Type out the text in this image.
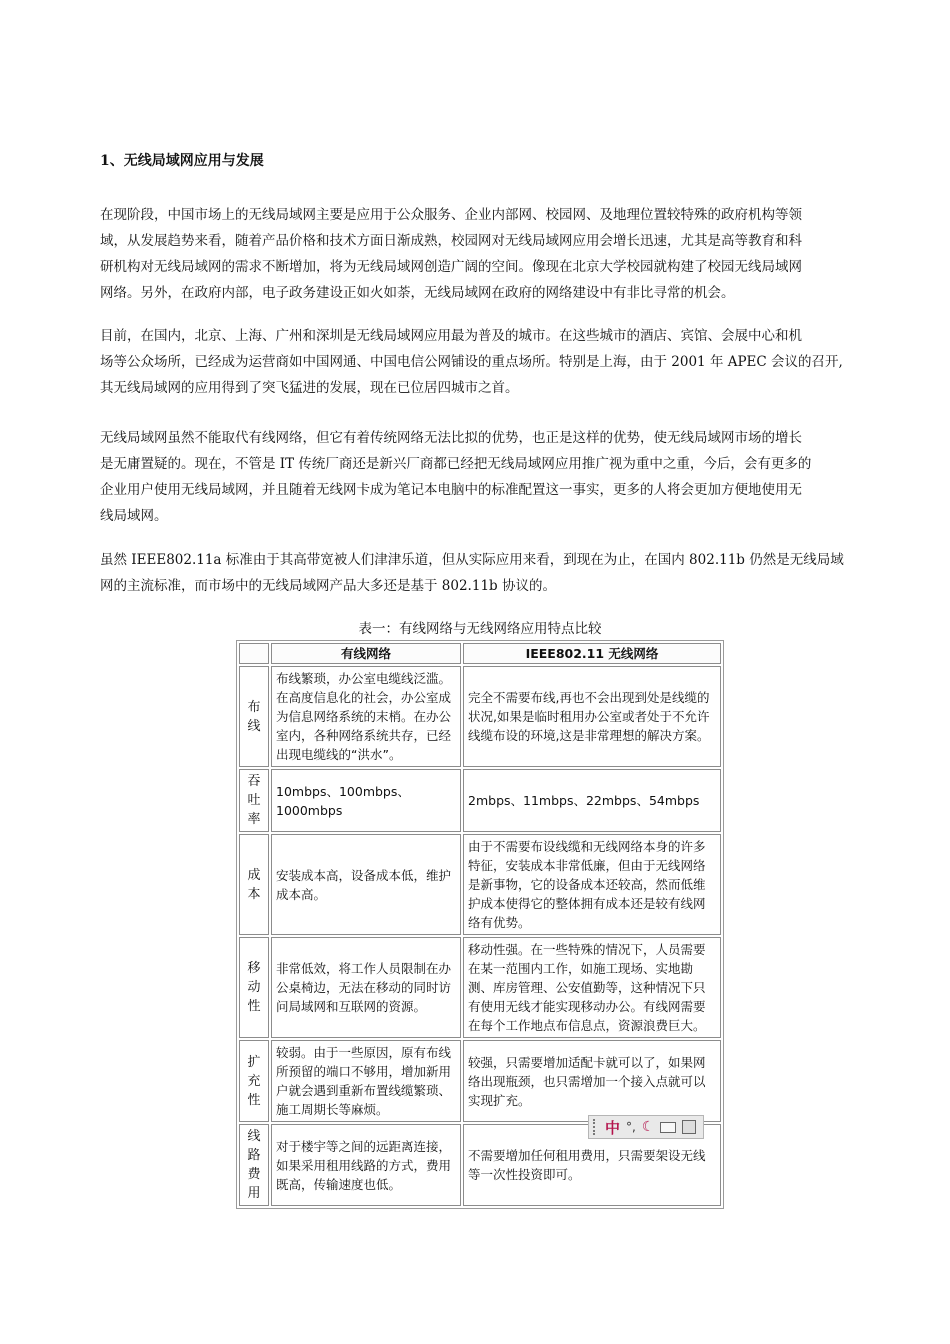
1、无线局域网应用与发展
在现阶段，中国市场上的无线局域网主要是应用于公众服务、企业内部网、校园网、及地理位置较特殊的政府机构等领
域，从发展趋势来看，随着产品价格和技术方面日渐成熟，校园网对无线局域网应用会增长迅速，尤其是高等教育和科
研机构对无线局域网的需求不断增加，将为无线局域网创造广阔的空间。像现在北京大学校园就构建了校园无线局域网
网络。另外，在政府内部，电子政务建设正如火如荼，无线局域网在政府的网络建设中有非比寻常的机会。
目前，在国内，北京、上海、广州和深圳是无线局域网应用最为普及的城市。在这些城市的酒店、宾馆、会展中心和机
场等公众场所，已经成为运营商如中国网通、中国电信公网铺设的重点场所。特别是上海，由于 2001 年 APEC 会议的召开,
其无线局域网的应用得到了突飞猛进的发展，现在已位居四城市之首。
无线局域网虽然不能取代有线网络，但它有着传统网络无法比拟的优势，也正是这样的优势，使无线局域网市场的增长
是无庸置疑的。现在，不管是 IT 传统厂商还是新兴厂商都已经把无线局域网应用推广视为重中之重，今后，会有更多的
企业用户使用无线局域网，并且随着无线网卡成为笔记本电脑中的标准配置这一事实，更多的人将会更加方便地使用无
线局域网。
虽然 IEEE802.11a 标准由于其高带宽被人们津津乐道，但从实际应用来看，到现在为止，在国内 802.11b 仍然是无线局域
网的主流标准，而市场中的无线局域网产品大多还是基于 802.11b 协议的。
表一：有线网络与无线网络应用特点比较
	有线网络	IEEE802.11 无线网络

布
线	布线繁琐，办公室电缆线泛滥。在高度信息化的社会，办公室成为信息网络系统的末梢。在办公室内，各种网络系统共存，已经出现电缆线的“洪水”。	完全不需要布线,再也不会出现到处是线缆的状况,如果是临时租用办公室或者处于不允许线缆布设的环境,这是非常理想的解决方案。

吞
吐
率	10mbps、100mbps、1000mbps	2mbps、11mbps、22mbps、54mbps

成
本	安装成本高，设备成本低，维护成本高。	由于不需要布设线缆和无线网络本身的许多特征，安装成本非常低廉，但由于无线网络是新事物，它的设备成本还较高，然而低维护成本使得它的整体拥有成本还是较有线网络有优势。

移
动
性	非常低效，将工作人员限制在办公桌椅边，无法在移动的同时访问局域网和互联网的资源。	移动性强。在一些特殊的情况下，人员需要在某一范围内工作，如施工现场、实地勘测、库房管理、公安值勤等，这种情况下只有使用无线才能实现移动办公。有线网需要在每个工作地点布信息点，资源浪费巨大。

扩
充
性	较弱。由于一些原因，原有布线所预留的端口不够用，增加新用户就会遇到重新布置线缆繁琐、施工周期长等麻烦。	较强，只需要增加适配卡就可以了，如果网络出现瓶颈，也只需增加一个接入点就可以实现扩充。

线
路
费
用	对于楼宇等之间的远距离连接，如果采用租用线路的方式，费用既高，传输速度也低。	不需要增加任何租用费用，只需要架设无线等一次性投资即可。
中 °, ☾
